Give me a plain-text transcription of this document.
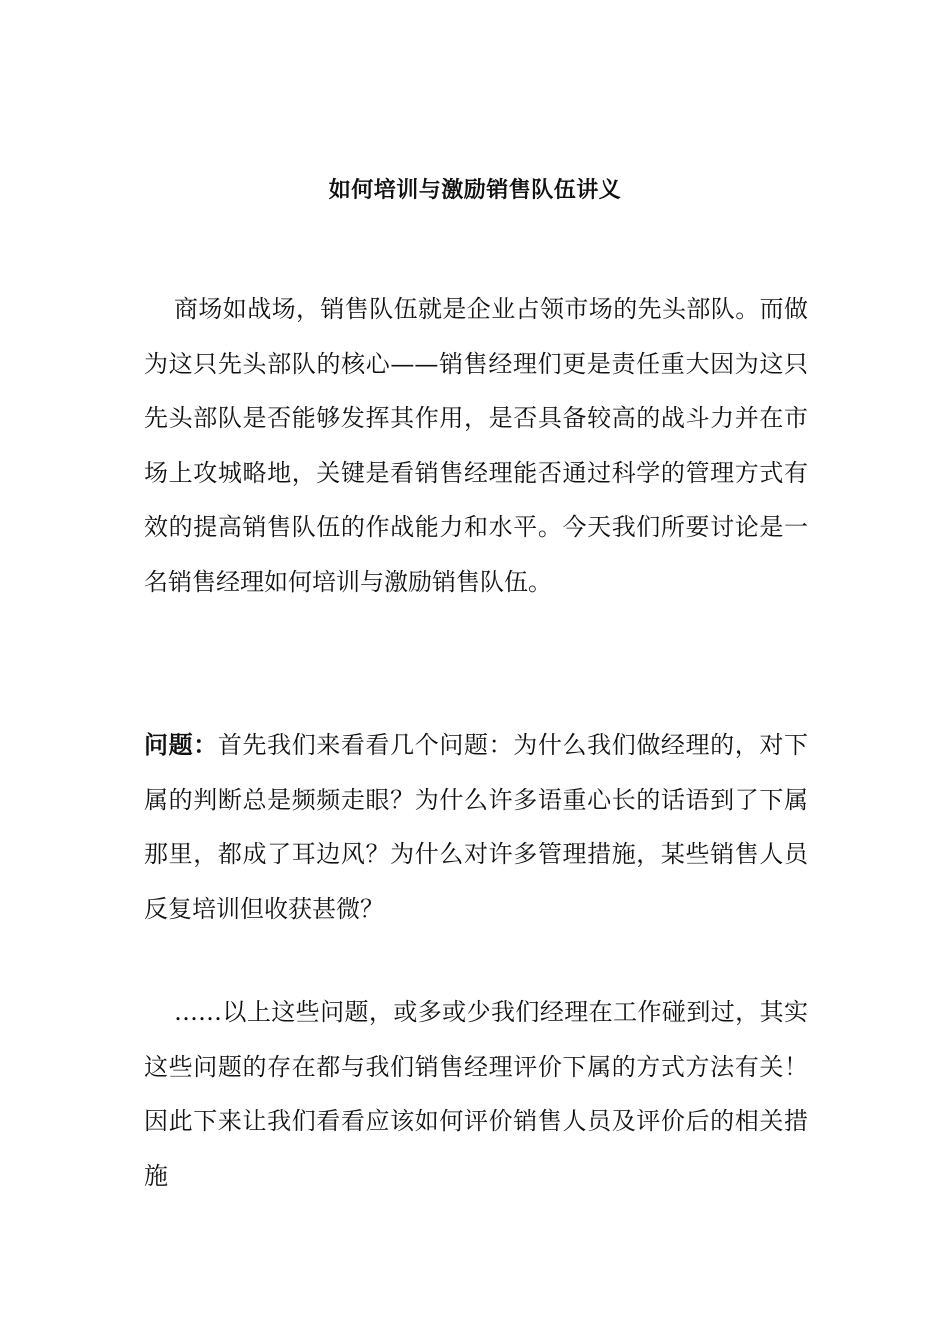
如何培训与激励销售队伍讲义

商场如战场，销售队伍就是企业占领市场的先头部队。而做为这只先头部队的核心——销售经理们更是责任重大因为这只先头部队是否能够发挥其作用，是否具备较高的战斗力并在市场上攻城略地，关键是看销售经理能否通过科学的管理方式有效的提高销售队伍的作战能力和水平。今天我们所要讨论是一名销售经理如何培训与激励销售队伍。

问题：首先我们来看看几个问题：为什么我们做经理的，对下属的判断总是频频走眼？为什么许多语重心长的话语到了下属那里，都成了耳边风？为什么对许多管理措施，某些销售人员反复培训但收获甚微？

……以上这些问题，或多或少我们经理在工作碰到过，其实这些问题的存在都与我们销售经理评价下属的方式方法有关！因此下来让我们看看应该如何评价销售人员及评价后的相关措施
